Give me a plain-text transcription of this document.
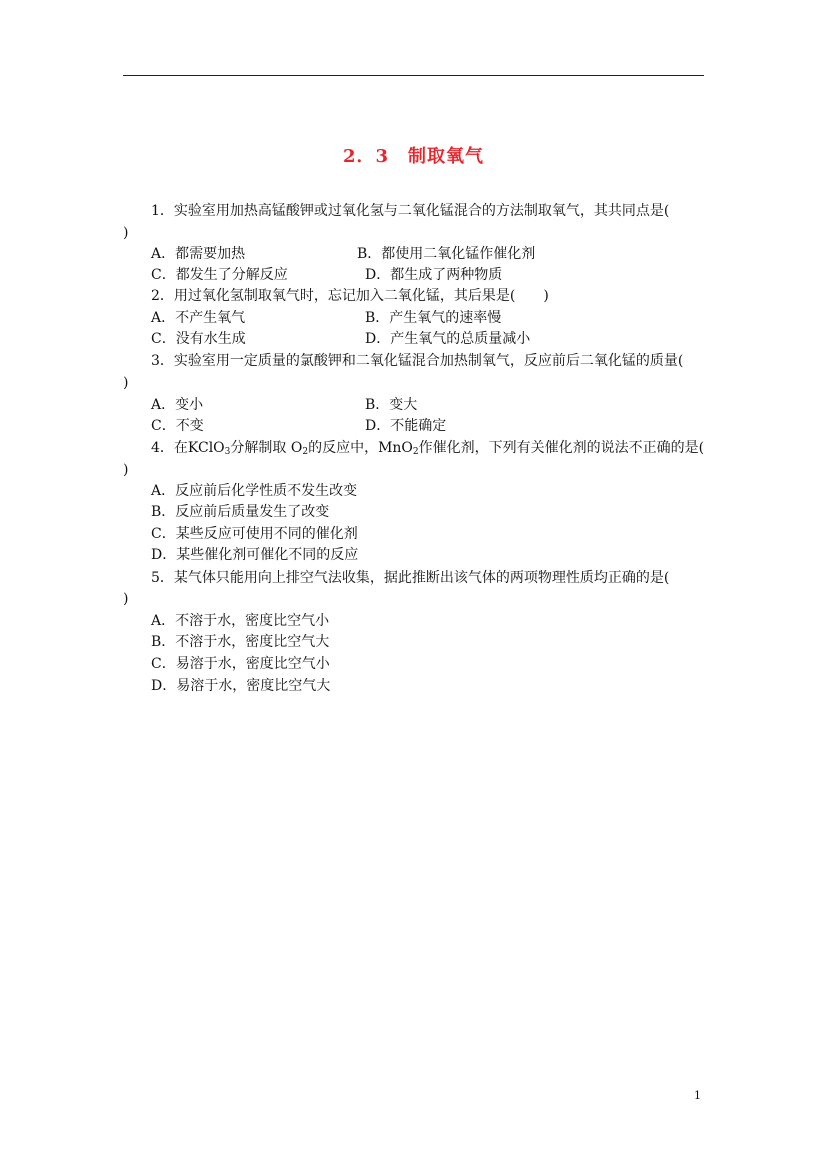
2．3　制取氧气
1．实验室用加热高锰酸钾或过氧化氢与二氧化锰混合的方法制取氧气，其共同点是(
)
A．都需要加热	B．都使用二氧化锰作催化剂
C．都发生了分解反应	D．都生成了两种物质
2．用过氧化氢制取氧气时，忘记加入二氧化锰，其后果是(　　)
A．不产生氧气	B．产生氧气的速率慢
C．没有水生成	D．产生氧气的总质量减小
3．实验室用一定质量的氯酸钾和二氧化锰混合加热制氧气，反应前后二氧化锰的质量(
)
A．变小	B．变大
C．不变	D．不能确定
4．在KClO$_3$分解制取 $O_2$的反应中，MnO$_2$作催化剂，下列有关催化剂的说法不正确的是(
)
A．反应前后化学性质不发生改变
B．反应前后质量发生了改变
C．某些反应可使用不同的催化剂
D．某些催化剂可催化不同的反应
5．某气体只能用向上排空气法收集，据此推断出该气体的两项物理性质均正确的是(
)
A．不溶于水，密度比空气小
B．不溶于水，密度比空气大
C．易溶于水，密度比空气小
D．易溶于水，密度比空气大
1
